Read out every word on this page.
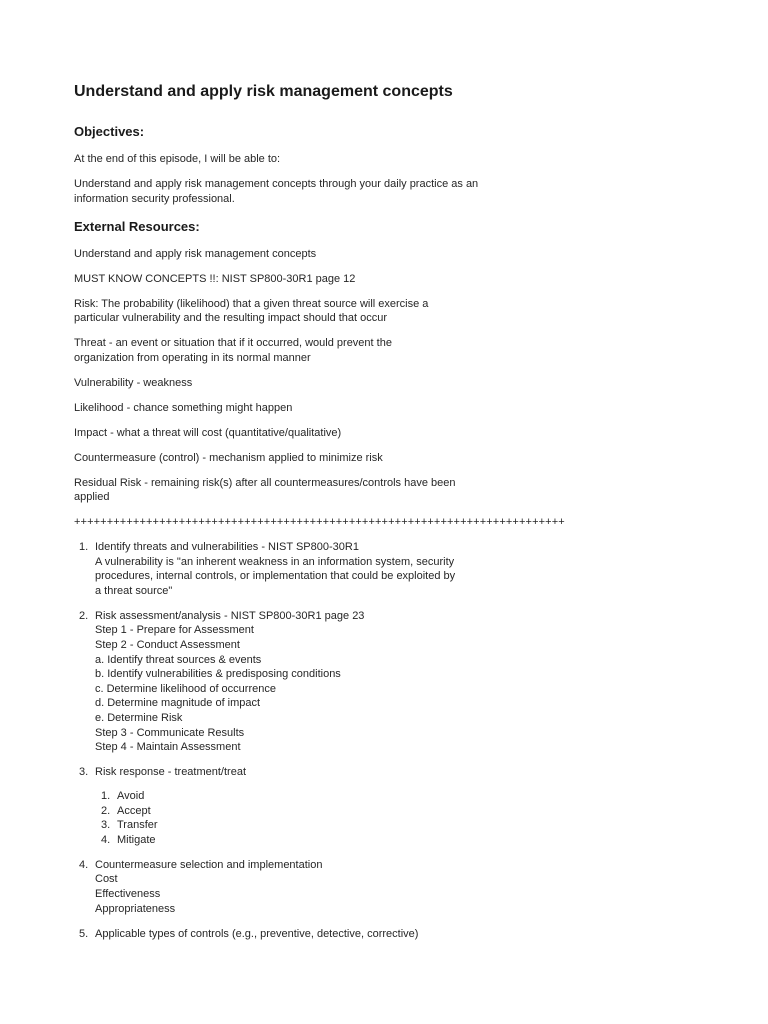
Understand and apply risk management concepts
Objectives:

At the end of this episode, I will be able to:

Understand and apply risk management concepts through your daily practice as an
information security professional.

External Resources:

Understand and apply risk management concepts

MUST KNOW CONCEPTS !!: NIST SP800-30R1 page 12

Risk: The probability (likelihood) that a given threat source will exercise a
particular vulnerability and the resulting impact should that occur

Threat - an event or situation that if it occurred, would prevent the
organization from operating in its normal manner

Vulnerability - weakness

Likelihood - chance something might happen

Impact - what a threat will cost (quantitative/qualitative)

Countermeasure (control) - mechanism applied to minimize risk

Residual Risk - remaining risk(s) after all countermeasures/controls have been
applied

+++++++++++++++++++++++++++++++++++++++++++++++++++++++++++++++++++++++++++
1. Identify threats and vulnerabilities - NIST SP800-30R1
A vulnerability is "an inherent weakness in an information system, security
procedures, internal controls, or implementation that could be exploited by
a threat source"
2. Risk assessment/analysis - NIST SP800-30R1 page 23
Step 1 - Prepare for Assessment
Step 2 - Conduct Assessment
a. Identify threat sources & events
b. Identify vulnerabilities & predisposing conditions
c. Determine likelihood of occurrence
d. Determine magnitude of impact
e. Determine Risk
Step 3 - Communicate Results
Step 4 - Maintain Assessment
3. Risk response - treatment/treat
1. Avoid
2. Accept
3. Transfer
4. Mitigate
4. Countermeasure selection and implementation
Cost
Effectiveness
Appropriateness
5. Applicable types of controls (e.g., preventive, detective, corrective)
